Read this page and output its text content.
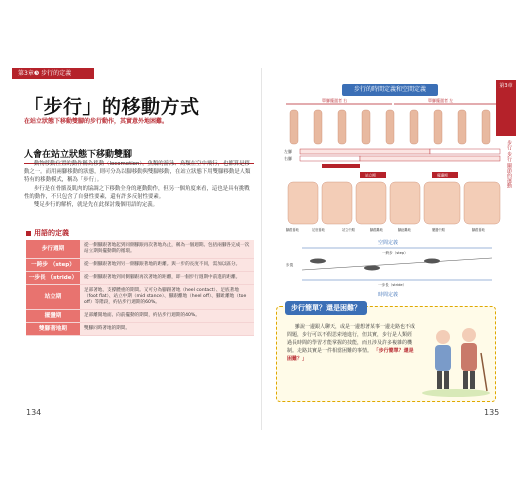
第3章❸ 步行的定義
「步行」的移動方式
在站立狀態下移動雙腳的步行動作，其實意外地困難。
人會在站立狀態下移動雙腳

動物移動位置的動作稱為移動（locomotion），魚類的游泳、鳥類在空中飛行，也都算是移動之一。而用兩腳移動的狀態，則可分為以腳移動與雙腳移動，在站立狀態下用雙腳移動是人類特有的移動模式，稱為「步行」。

步行是在骨骼及肌肉的協調之下移動全身的運動動作，但另一個角度來看，這也是具有挑戰性的動作，不只包含了自發性要素，還有許多反射性要素。

雙足步行的解析，就是先在此探討幾個用語的定義。

用語的定義
步行週期	從一側腳跟著地起到同側腳跟再次著地為止，稱為一個週期。包括兩腳各完成一次站立期與擺動期的循環。
一跨步 （step）	從一側腳跟著地到另一側腳跟著地的距離。與一步的長度不同，需加以區分。
一步長 （stride）	從一側腳跟著地到同側腳跟再次著地的距離，即一個步行週期中前進的距離。
站立期	足部著地、支撐體重的期間。又可分為腳跟著地（heel contact）、足底著地（foot flat）、站立中期（mid stance）、腳跟離地（heel off）、腳趾離地（toe off）等階段，約佔步行週期的60%。
擺盪期	足部離開地面、向前擺動的期間，約佔步行週期的40%。
雙腳著地期	雙腳同時著地的期間。
134
步行的時間定義和空間定義
單腳擺盪者 右	單腳擺盪者 左
左腳
右腳
站立期	擺盪期
腳跟著地	足底著地	站立中期	腳跟離地	腳趾離地	擺盪中期	腳跟著地
空間定義
一跨步（step）
步寬
一步長（stride）
時間定義
第3章
步行 步行 關節的運動
步行簡單？還是困難？
雖說一邊跟人聊天，或是一邊想著某事一邊走路也不成問題，步行可以不假思索地進行，但其實，步行是人類經過長時間的學習才能掌握的技能，而且涉及許多複雜的機制。走路其實是一件相當困難的事情。 「步行簡單？還是困難？」
135
